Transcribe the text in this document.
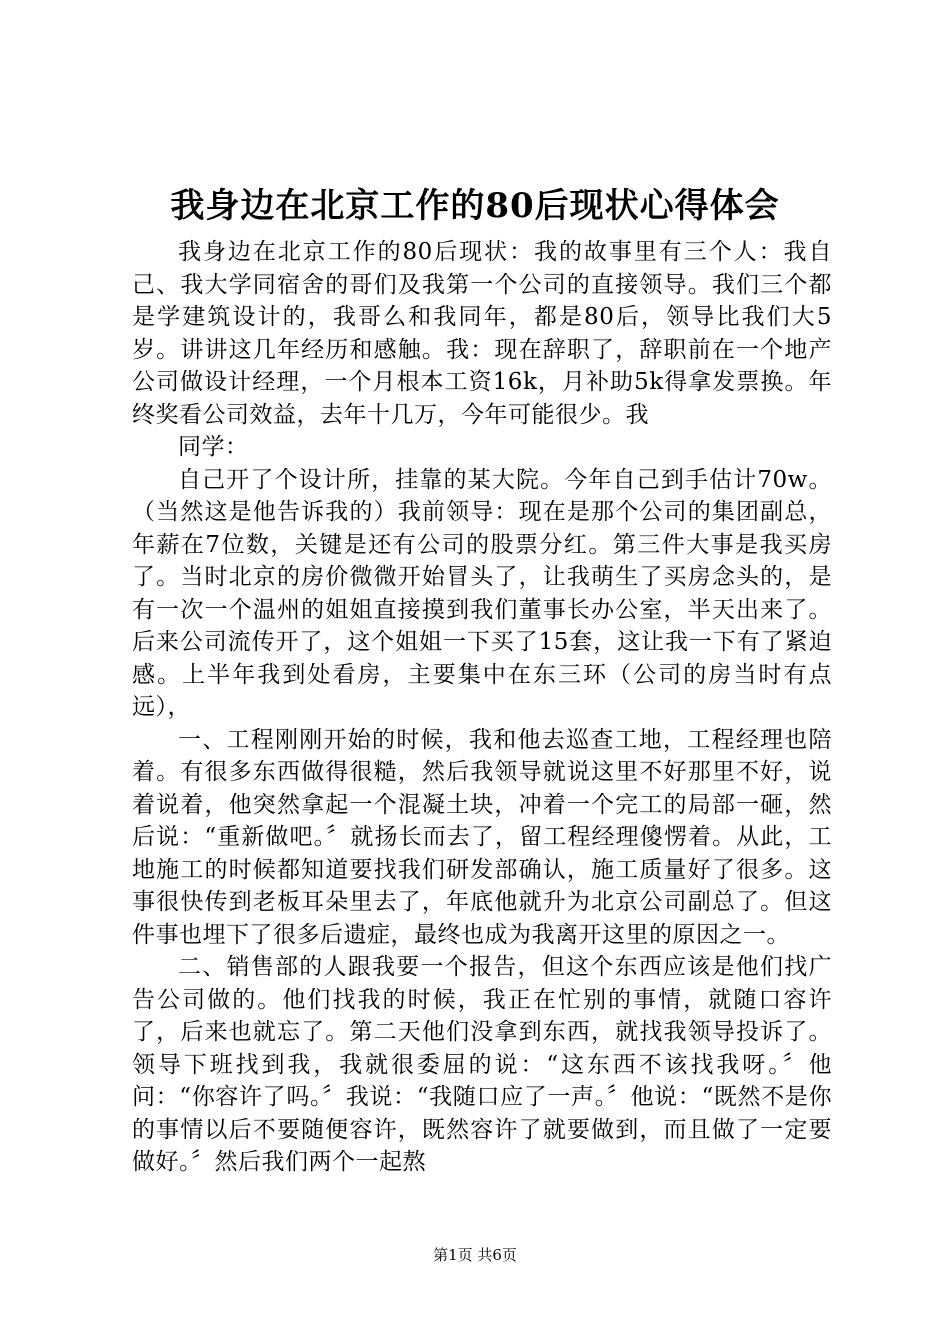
我身边在北京工作的80后现状心得体会

我身边在北京工作的80后现状：我的故事里有三个人：我自己、我大学同宿舍的哥们及我第一个公司的直接领导。我们三个都是学建筑设计的，我哥么和我同年，都是80后，领导比我们大5岁。讲讲这几年经历和感触。我：现在辞职了，辞职前在一个地产公司做设计经理，一个月根本工资16k，月补助5k得拿发票换。年终奖看公司效益，去年十几万，今年可能很少。我

同学：

自己开了个设计所，挂靠的某大院。今年自己到手估计70w。（当然这是他告诉我的）我前领导：现在是那个公司的集团副总，年薪在7位数，关键是还有公司的股票分红。第三件大事是我买房了。当时北京的房价微微开始冒头了，让我萌生了买房念头的，是有一次一个温州的姐姐直接摸到我们董事长办公室，半天出来了。后来公司流传开了，这个姐姐一下买了15套，这让我一下有了紧迫感。上半年我到处看房，主要集中在东三环（公司的房当时有点远），

一、工程刚刚开始的时候，我和他去巡查工地，工程经理也陪着。有很多东西做得很糙，然后我领导就说这里不好那里不好，说着说着，他突然拿起一个混凝土块，冲着一个完工的局部一砸，然后说：“重新做吧。〞就扬长而去了，留工程经理傻愣着。从此，工地施工的时候都知道要找我们研发部确认，施工质量好了很多。这事很快传到老板耳朵里去了，年底他就升为北京公司副总了。但这件事也埋下了很多后遗症，最终也成为我离开这里的原因之一。

二、销售部的人跟我要一个报告，但这个东西应该是他们找广告公司做的。他们找我的时候，我正在忙别的事情，就随口容许了，后来也就忘了。第二天他们没拿到东西，就找我领导投诉了。领导下班找到我，我就很委屈的说：“这东西不该找我呀。〞他问：“你容许了吗。〞我说：“我随口应了一声。〞他说：“既然不是你的事情以后不要随便容许，既然容许了就要做到，而且做了一定要做好。〞然后我们两个一起熬

第1页 共6页
